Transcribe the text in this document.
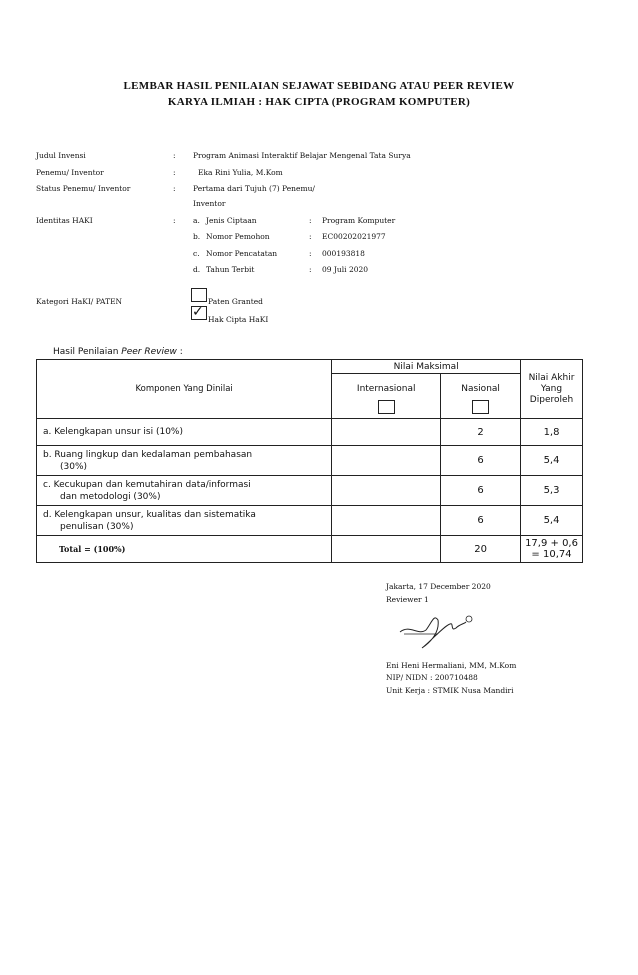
LEMBAR HASIL PENILAIAN SEJAWAT SEBIDANG ATAU PEER REVIEW
KARYA ILMIAH : HAK CIPTA (PROGRAM KOMPUTER)
Judul Invensi	: Program Animasi Interaktif Belajar Mengenal Tata Surya
Penemu/ Inventor	:	Eka Rini Yulia, M.Kom
Status Penemu/ Inventor	: Pertama dari Tujuh (7) Penemu/
Inventor
Identitas HAKI	: a. Jenis Ciptaan	: Program Komputer
b. Nomor Pemohon	: EC00202021977
c. Nomor Pencatatan	: 000193818
d. Tahun Terbit	: 09 Juli 2020
Kategori HaKI/ PATEN	Paten Granted
✓ Hak Cipta HaKI
Hasil Penilaian Peer Review :
Komponen Yang Dinilai	Nilai Maksimal		Nilai Akhir
Yang
Diperoleh

	Internasional	Nasional	

a. Kelengkapan unsur isi (10%)		2	1,8

b. Ruang lingkup dan kedalaman pembahasan
(30%)		6	5,4

c. Kecukupan dan kemutahiran data/informasi
dan metodologi (30%)		6	5,3

d. Kelengkapan unsur, kualitas dan sistematika
penulisan (30%)		6	5,4
Total = (100%)		20	17,9 + 0,6
= 10,74
Jakarta, 17 December 2020
Reviewer 1
Eni Heni Hermaliani, MM, M.Kom
NIP/ NIDN : 200710488
Unit Kerja : STMIK Nusa Mandiri
